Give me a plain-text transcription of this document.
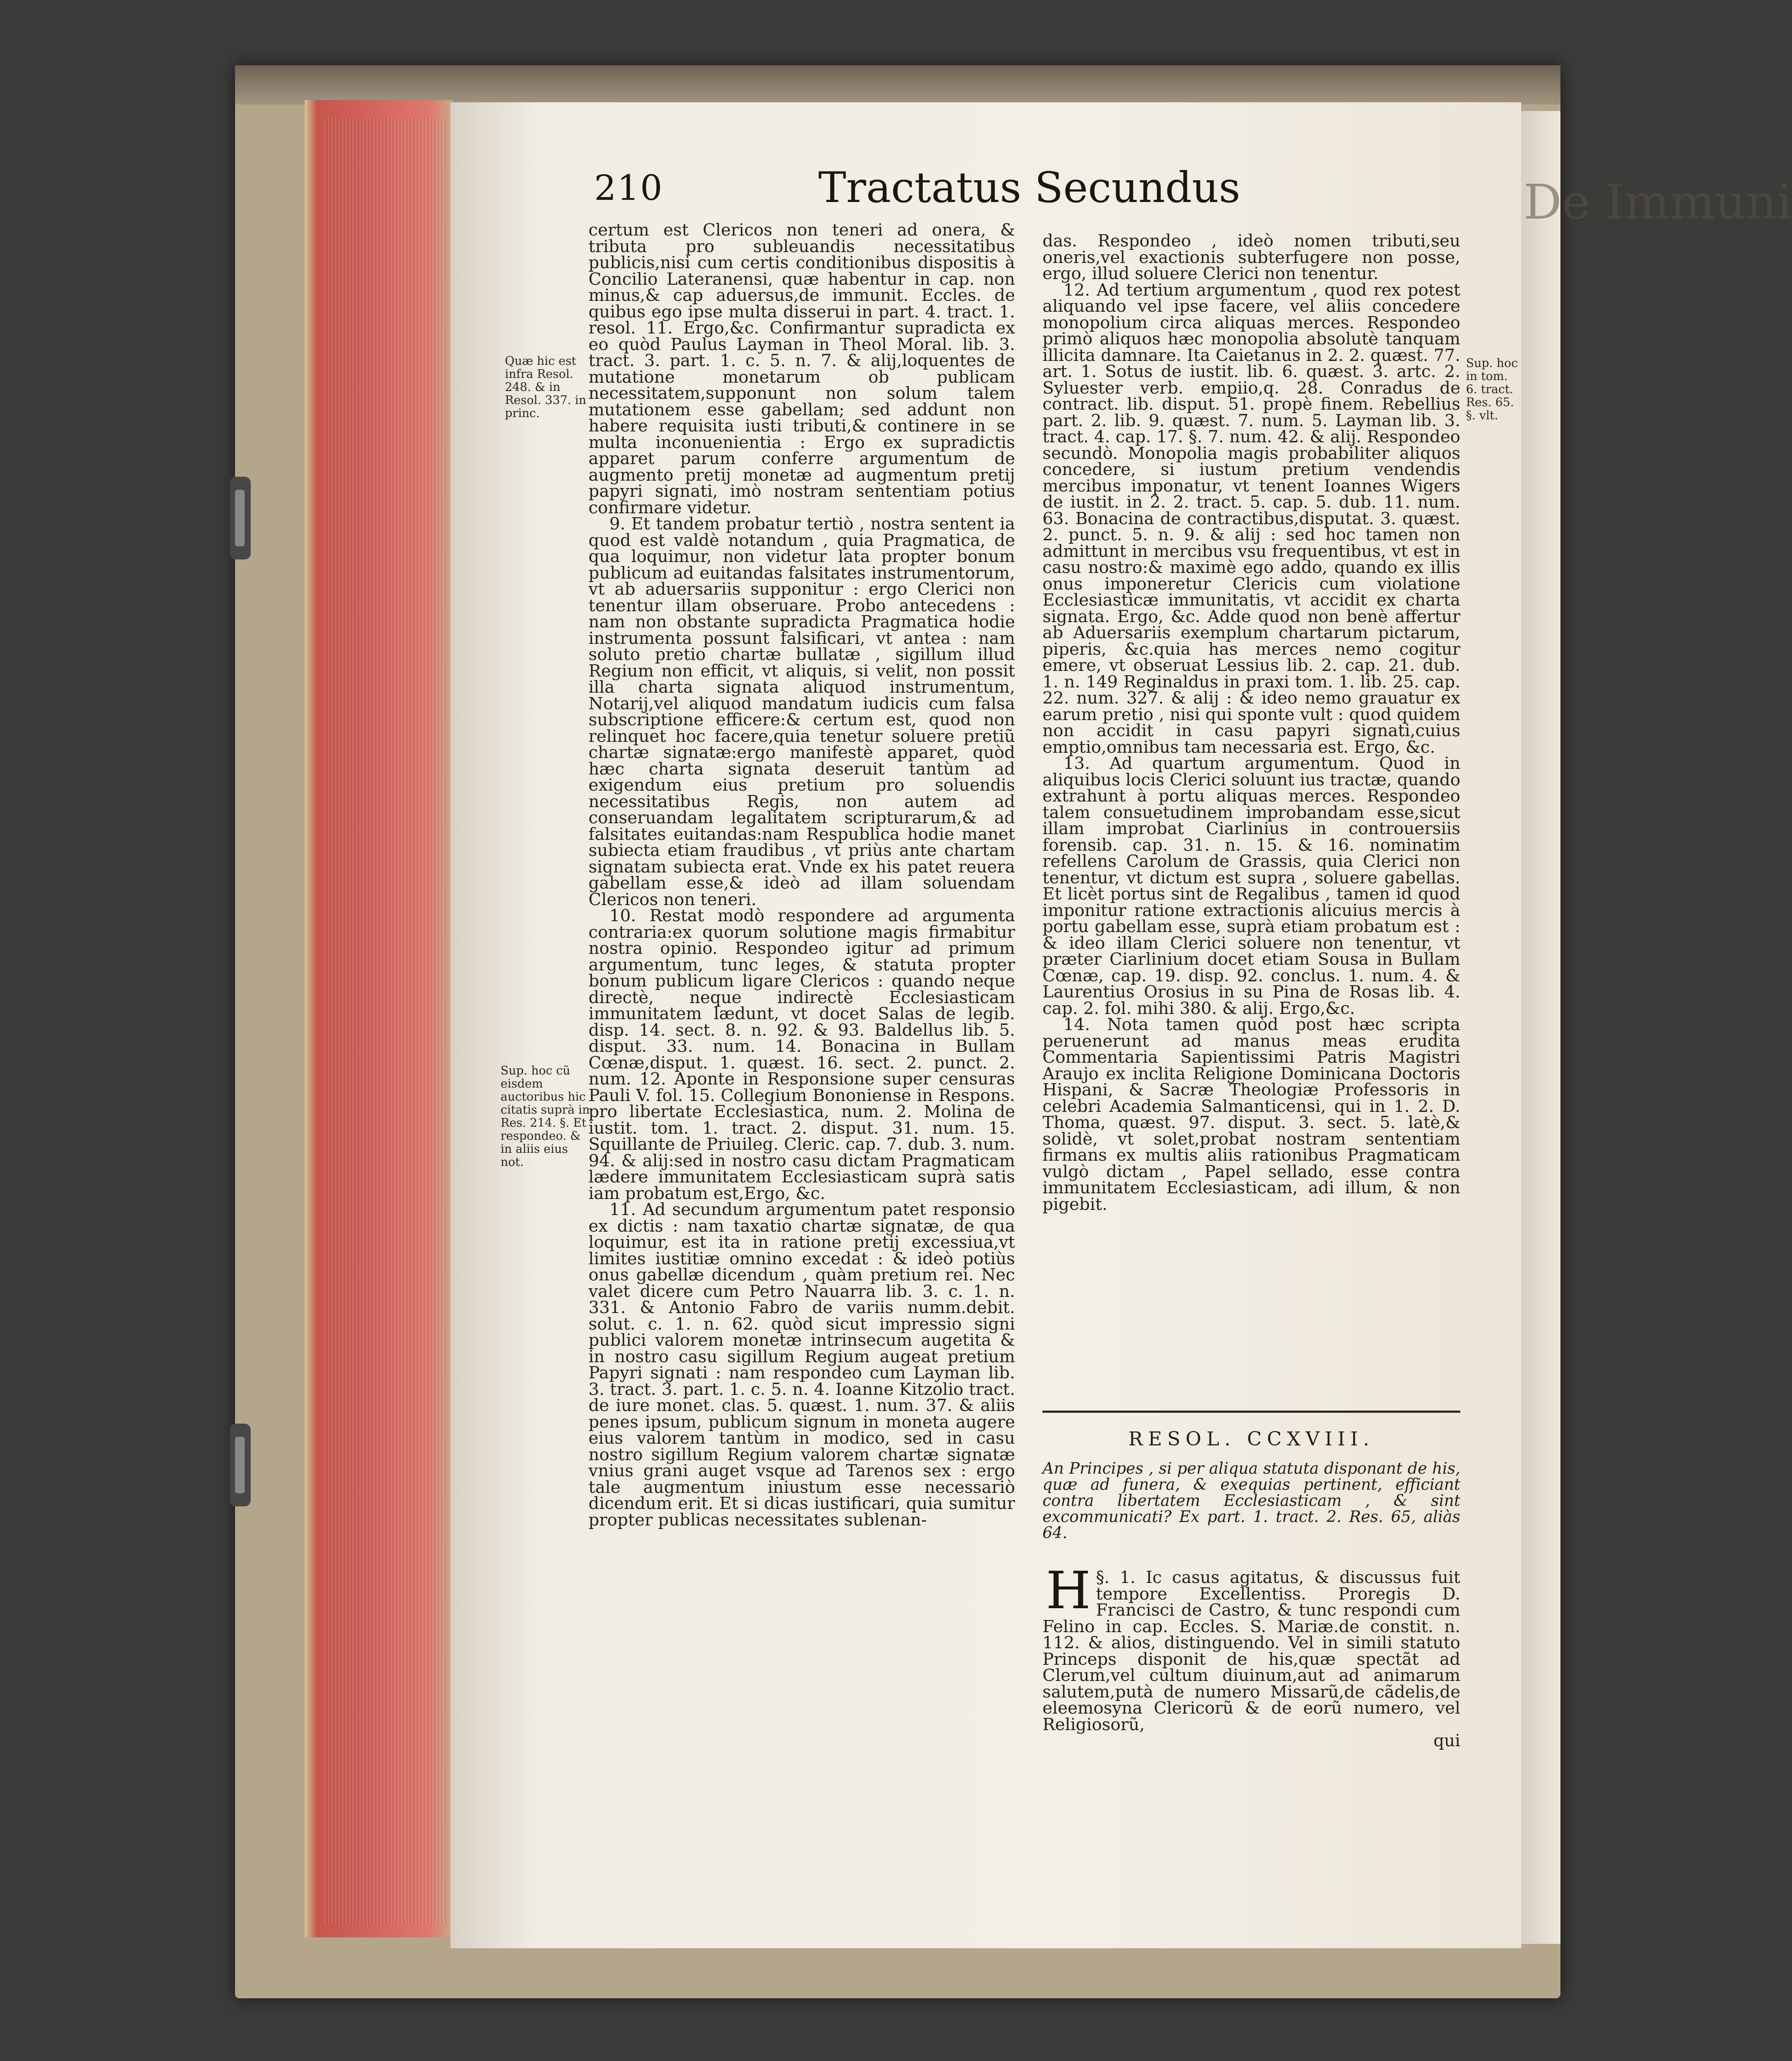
De Immuni
210	Tractatus Secundus

certum est Clericos non teneri ad onera, & tributa pro subleuandis necessitatibus publicis,nisi cum certis conditionibus dispositis à Concilio Lateranensi, quæ habentur in cap. non minus,& cap aduersus,de immunit. Eccles. de quibus ego ipse multa disserui in part. 4. tract. 1. resol. 11. Ergo,&c. Confirmantur supradicta ex eo quòd Paulus Layman in Theol Moral. lib. 3. tract. 3. part. 1. c. 5. n. 7. & alij,loquentes de mutatione monetarum ob publicam necessitatem,supponunt non solum talem mutationem esse gabellam; sed addunt non habere requisita iusti tributi,& continere in se multa inconuenientia : Ergo ex supradictis apparet parum conferre argumentum de augmento pretij monetæ ad augmentum pretij papyri signati, imò nostram sententiam potius confirmare videtur.

9. Et tandem probatur tertiò , nostra sentent ia quod est valdè notandum , quia Pragmatica, de qua loquimur, non videtur lata propter bonum publicum ad euitandas falsitates instrumentorum, vt ab aduersariis supponitur : ergo Clerici non tenentur illam obseruare. Probo antecedens : nam non obstante supradicta Pragmatica hodie instrumenta possunt falsificari, vt antea : nam soluto pretio chartæ bullatæ , sigillum illud Regium non efficit, vt aliquis, si velit, non possit illa charta signata aliquod instrumentum, Notarij,vel aliquod mandatum iudicis cum falsa subscriptione efficere:& certum est, quod non relinquet hoc facere,quia tenetur soluere pretiũ chartæ signatæ:ergo manifestè apparet, quòd hæc charta signata deseruit tantùm ad exigendum eius pretium pro soluendis necessitatibus Regis, non autem ad conseruandam legalitatem scripturarum,& ad falsitates euitandas:nam Respublica hodie manet subiecta etiam fraudibus , vt priùs ante chartam signatam subiecta erat. Vnde ex his patet reuera gabellam esse,& ideò ad illam soluendam Clericos non teneri.

10. Restat modò respondere ad argumenta contraria:ex quorum solutione magis firmabitur nostra opinio. Respondeo igitur ad primum argumentum, tunc leges, & statuta propter bonum publicum ligare Clericos : quando neque directè, neque indirectè Ecclesiasticam immunitatem lædunt, vt docet Salas de legib. disp. 14. sect. 8. n. 92. & 93. Baldellus lib. 5. disput. 33. num. 14. Bonacina in Bullam Cœnæ,disput. 1. quæst. 16. sect. 2. punct. 2. num. 12. Aponte in Responsione super censuras Pauli V. fol. 15. Collegium Bononiense in Respons. pro libertate Ecclesiastica, num. 2. Molina de iustit. tom. 1. tract. 2. disput. 31. num. 15. Squillante de Priuileg. Cleric. cap. 7. dub. 3. num. 94. & alij:sed in nostro casu dictam Pragmaticam lædere immunitatem Ecclesiasticam suprà satis iam probatum est,Ergo, &c.

11. Ad secundum argumentum patet responsio ex dictis : nam taxatio chartæ signatæ, de qua loquimur, est ita in ratione pretij excessiua,vt limites iustitiæ omnino excedat : & ideò potiùs onus gabellæ dicendum , quàm pretium rei. Nec valet dicere cum Petro Nauarra lib. 3. c. 1. n. 331. & Antonio Fabro de variis numm.debit. solut. c. 1. n. 62. quòd sicut impressio signi publici valorem monetæ intrinsecum augetita & in nostro casu sigillum Regium augeat pretium Papyri signati : nam respondeo cum Layman lib. 3. tract. 3. part. 1. c. 5. n. 4. Ioanne Kitzolio tract. de iure monet. clas. 5. quæst. 1. num. 37. & aliis penes ipsum, publicum signum in moneta augere eius valorem tantùm in modico, sed in casu nostro sigillum Regium valorem chartæ signatæ vnius grani auget vsque ad Tarenos sex : ergo tale augmentum iniustum esse necessariò dicendum erit. Et si dicas iustificari, quia sumitur propter publicas necessitates sublenan-

Quæ hic est infra Resol. 248. & in Resol. 337. in princ.
Sup. hoc cũ eisdem auctoribus hic citatis suprà in Res. 214. §. Et respondeo. & in aliis eius not.
Sup. hoc in tom. 6. tract. Res. 65. §. vlt.

das. Respondeo , ideò nomen tributi,seu oneris,vel exactionis subterfugere non posse, ergo, illud soluere Clerici non tenentur.

12. Ad tertium argumentum , quod rex potest aliquando vel ipse facere, vel aliis concedere monopolium circa aliquas merces. Respondeo primò aliquos hæc monopolia absolutè tanquam illicita damnare. Ita Caietanus in 2. 2. quæst. 77. art. 1. Sotus de iustit. lib. 6. quæst. 3. artc. 2. Syluester verb. empiio,q. 28. Conradus de contract. lib. disput. 51. propè finem. Rebellius part. 2. lib. 9. quæst. 7. num. 5. Layman lib. 3. tract. 4. cap. 17. §. 7. num. 42. & alij. Respondeo secundò. Monopolia magis probabiliter aliquos concedere, si iustum pretium vendendis mercibus imponatur, vt tenent Ioannes Wigers de iustit. in 2. 2. tract. 5. cap. 5. dub. 11. num. 63. Bonacina de contractibus,disputat. 3. quæst. 2. punct. 5. n. 9. & alij : sed hoc tamen non admittunt in mercibus vsu frequentibus, vt est in casu nostro:& maximè ego addo, quando ex illis onus imponeretur Clericis cum violatione Ecclesiasticæ immunitatis, vt accidit ex charta signata. Ergo, &c. Adde quod non benè affertur ab Aduersariis exemplum chartarum pictarum, piperis, &c.quia has merces nemo cogitur emere, vt obseruat Lessius lib. 2. cap. 21. dub. 1. n. 149 Reginaldus in praxi tom. 1. lib. 25. cap. 22. num. 327. & alij : & ideo nemo grauatur ex earum pretio , nisi qui sponte vult : quod quidem non accidit in casu papyri signati,cuius emptio,omnibus tam necessaria est. Ergo, &c.

13. Ad quartum argumentum. Quod in aliquibus locis Clerici soluunt ius tractæ, quando extrahunt à portu aliquas merces. Respondeo talem consuetudinem improbandam esse,sicut illam improbat Ciarlinius in controuersiis forensib. cap. 31. n. 15. & 16. nominatim refellens Carolum de Grassis, quia Clerici non tenentur, vt dictum est supra , soluere gabellas. Et licèt portus sint de Regalibus , tamen id quod imponitur ratione extractionis alicuius mercis à portu gabellam esse, suprà etiam probatum est : & ideo illam Clerici soluere non tenentur, vt præter Ciarlinium docet etiam Sousa in Bullam Cœnæ, cap. 19. disp. 92. conclus. 1. num. 4. & Laurentius Orosius in su Pina de Rosas lib. 4. cap. 2. fol. mihi 380. & alij. Ergo,&c.

14. Nota tamen quòd post hæc scripta peruenerunt ad manus meas erudita Commentaria Sapientissimi Patris Magistri Araujo ex inclita Religione Dominicana Doctoris Hispani, & Sacræ Theologiæ Professoris in celebri Academia Salmanticensi, qui in 1. 2. D. Thoma, quæst. 97. disput. 3. sect. 5. latè,& solidè, vt solet,probat nostram sententiam firmans ex multis aliis rationibus Pragmaticam vulgò dictam , Papel sellado, esse contra immunitatem Ecclesiasticam, adi illum, & non pigebit.

RESOL. CCXVIII.
An Principes , si per aliqua statuta disponant de his, quæ ad funera, & exequias pertinent, efficiant contra libertatem Ecclesiasticam , & sint excommunicati? Ex part. 1. tract. 2. Res. 65, aliàs 64.
§. 1.
H	Ic casus agitatus, & discussus fuit tempore Excellentiss. Proregis D. Francisci de Castro, & tunc respondi cum Felino in cap. Eccles. S. Mariæ.de constit. n. 112. & alios, distinguendo. Vel in simili statuto Princeps disponit de his,quæ spectãt ad Clerum,vel cultum diuinum,aut ad animarum salutem,putà de numero Missarũ,de cãdelis,de eleemosyna Clericorũ & de eorũ numero, vel Religiosorũ,
qui
